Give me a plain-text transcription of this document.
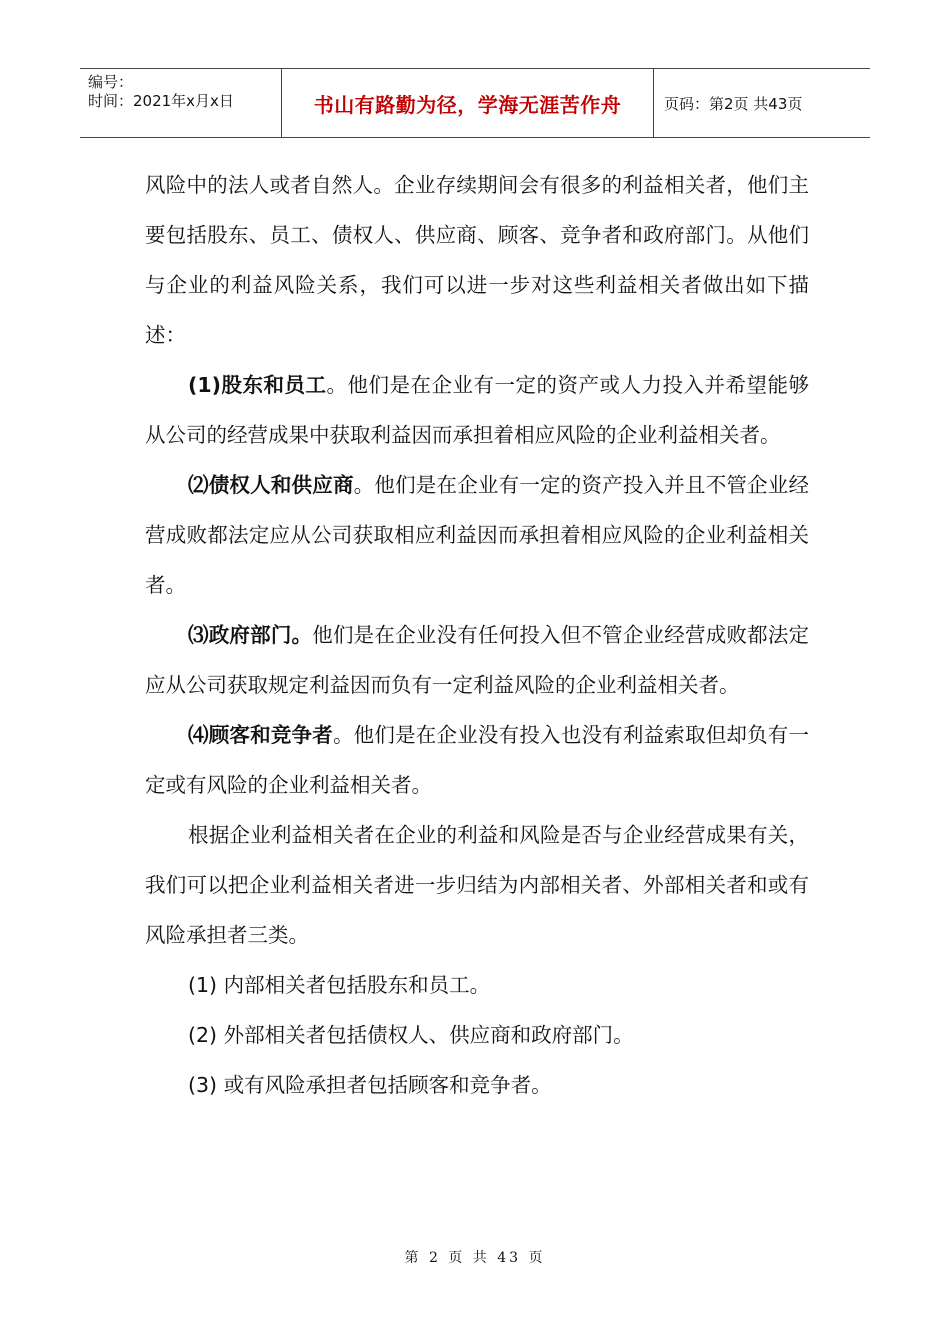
编号：
时间：2021年x月x日	书山有路勤为径，学海无涯苦作舟	页码：第2页 共43页

风险中的法人或者自然人。企业存续期间会有很多的利益相关者，他们主要包括股东、员工、债权人、供应商、顾客、竞争者和政府部门。从他们与企业的利益风险关系，我们可以进一步对这些利益相关者做出如下描述：

(1)股东和员工。他们是在企业有一定的资产或人力投入并希望能够从公司的经营成果中获取利益因而承担着相应风险的企业利益相关者。

⑵债权人和供应商。他们是在企业有一定的资产投入并且不管企业经营成败都法定应从公司获取相应利益因而承担着相应风险的企业利益相关者。

⑶政府部门。他们是在企业没有任何投入但不管企业经营成败都法定应从公司获取规定利益因而负有一定利益风险的企业利益相关者。

⑷顾客和竞争者。他们是在企业没有投入也没有利益索取但却负有一定或有风险的企业利益相关者。

根据企业利益相关者在企业的利益和风险是否与企业经营成果有关，我们可以把企业利益相关者进一步归结为内部相关者、外部相关者和或有风险承担者三类。

(1) 内部相关者包括股东和员工。

(2) 外部相关者包括债权人、供应商和政府部门。

(3) 或有风险承担者包括顾客和竞争者。

第 2 页 共 43 页
